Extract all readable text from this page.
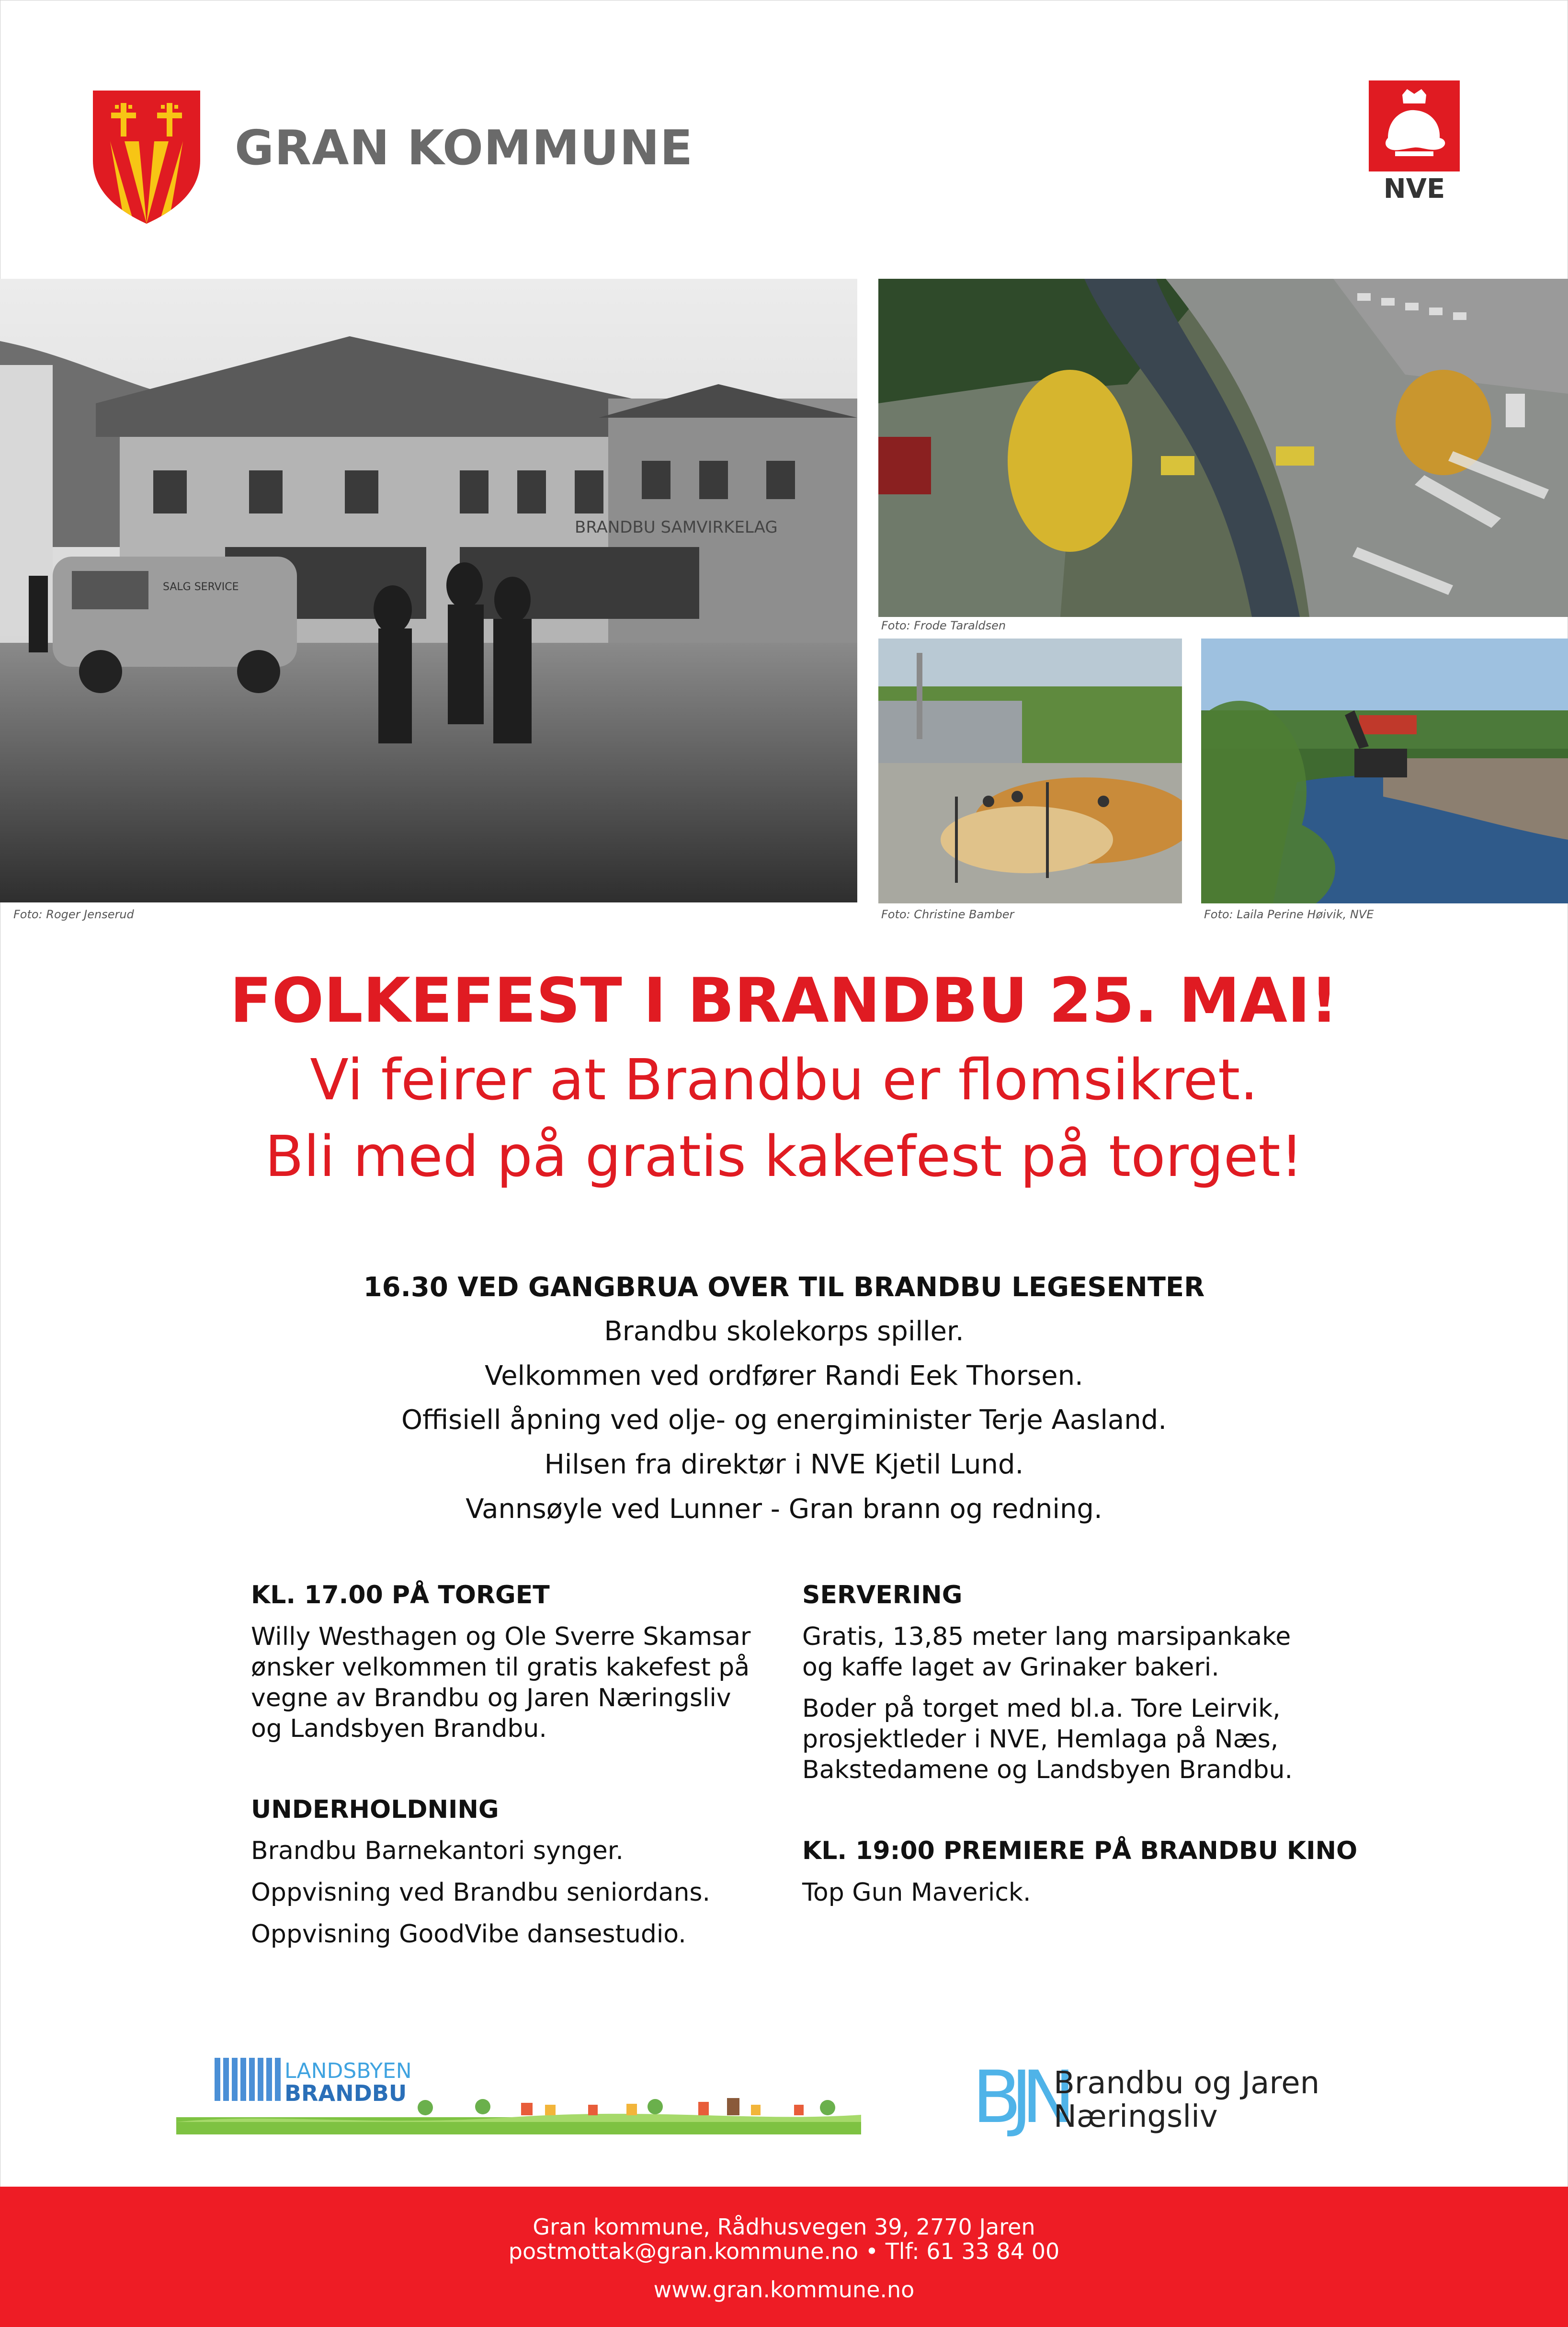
GRAN KOMMUNE
NVE
BRANDBU SAMVIRKELAG
SALG SERVICE
Foto: Roger Jenserud
Foto: Frode Taraldsen
Foto: Christine Bamber	Foto: Laila Perine Høivik, NVE
FOLKEFEST I BRANDBU 25. MAI!
Vi feirer at Brandbu er flomsikret.
Bli med på gratis kakefest på torget!
16.30 VED GANGBRUA OVER TIL BRANDBU LEGESENTER
Brandbu skolekorps spiller.
Velkommen ved ordfører Randi Eek Thorsen.
Offisiell åpning ved olje- og energiminister Terje Aasland.
Hilsen fra direktør i NVE Kjetil Lund.
Vannsøyle ved Lunner - Gran brann og redning.
KL. 17.00 PÅ TORGET
Willy Westhagen og Ole Sverre Skamsar
ønsker velkommen til gratis kakefest på
vegne av Brandbu og Jaren Næringsliv
og Landsbyen Brandbu.
UNDERHOLDNING
Brandbu Barnekantori synger.
Oppvisning ved Brandbu seniordans.
Oppvisning GoodVibe dansestudio.
SERVERING
Gratis, 13,85 meter lang marsipankake
og kaffe laget av Grinaker bakeri.
Boder på torget med bl.a. Tore Leirvik,
prosjektleder i NVE, Hemlaga på Næs,
Bakstedamene og Landsbyen Brandbu.
KL. 19:00 PREMIERE PÅ BRANDBU KINO
Top Gun Maverick.
LANDSBYEN
BRANDBU	BJN
Brandbu og Jaren
Næringsliv
Gran kommune, Rådhusvegen 39, 2770 Jaren
postmottak@gran.kommune.no • Tlf: 61 33 84 00
www.gran.kommune.no
